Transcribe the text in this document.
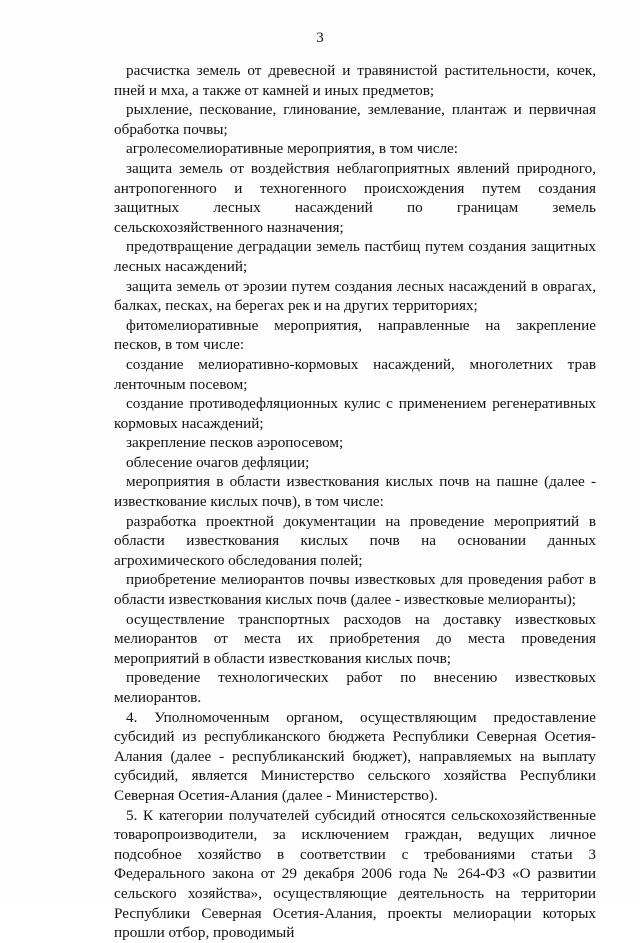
3

расчистка земель от древесной и травянистой растительности, кочек, пней и мха, а также от камней и иных предметов;

рыхление, пескование, глинование, землевание, плантаж и первичная обработка почвы;

агролесомелиоративные мероприятия, в том числе:

защита земель от воздействия неблагоприятных явлений природного, антропогенного и техногенного происхождения путем создания защитных лесных насаждений по границам земель сельскохозяйственного назначения;

предотвращение деградации земель пастбищ путем создания защитных лесных насаждений;

защита земель от эрозии путем создания лесных насаждений в оврагах, балках, песках, на берегах рек и на других территориях;

фитомелиоративные мероприятия, направленные на закрепление песков, в том числе:

создание мелиоративно-кормовых насаждений, многолетних трав ленточным посевом;

создание противодефляционных кулис с применением регенеративных кормовых насаждений;

закрепление песков аэропосевом;

облесение очагов дефляции;

мероприятия в области известкования кислых почв на пашне (далее - известкование кислых почв), в том числе:

разработка проектной документации на проведение мероприятий в области известкования кислых почв на основании данных агрохимического обследования полей;

приобретение мелиорантов почвы известковых для проведения работ в области известкования кислых почв (далее - известковые мелиоранты);

осуществление транспортных расходов на доставку известковых мелиорантов от места их приобретения до места проведения мероприятий в области известкования кислых почв;

проведение технологических работ по внесению известковых мелиорантов.

4. Уполномоченным органом, осуществляющим предоставление субсидий из республиканского бюджета Республики Северная Осетия-Алания (далее - республиканский бюджет), направляемых на выплату субсидий, является Министерство сельского хозяйства Республики Северная Осетия-Алания (далее - Министерство).

5. К категории получателей субсидий относятся сельскохозяйственные товаропроизводители, за исключением граждан, ведущих личное подсобное хозяйство в соответствии с требованиями статьи 3 Федерального закона от 29 декабря 2006 года № 264-ФЗ «О развитии сельского хозяйства», осуществляющие деятельность на территории Республики Северная Осетия-Алания, проекты мелиорации которых прошли отбор, проводимый
